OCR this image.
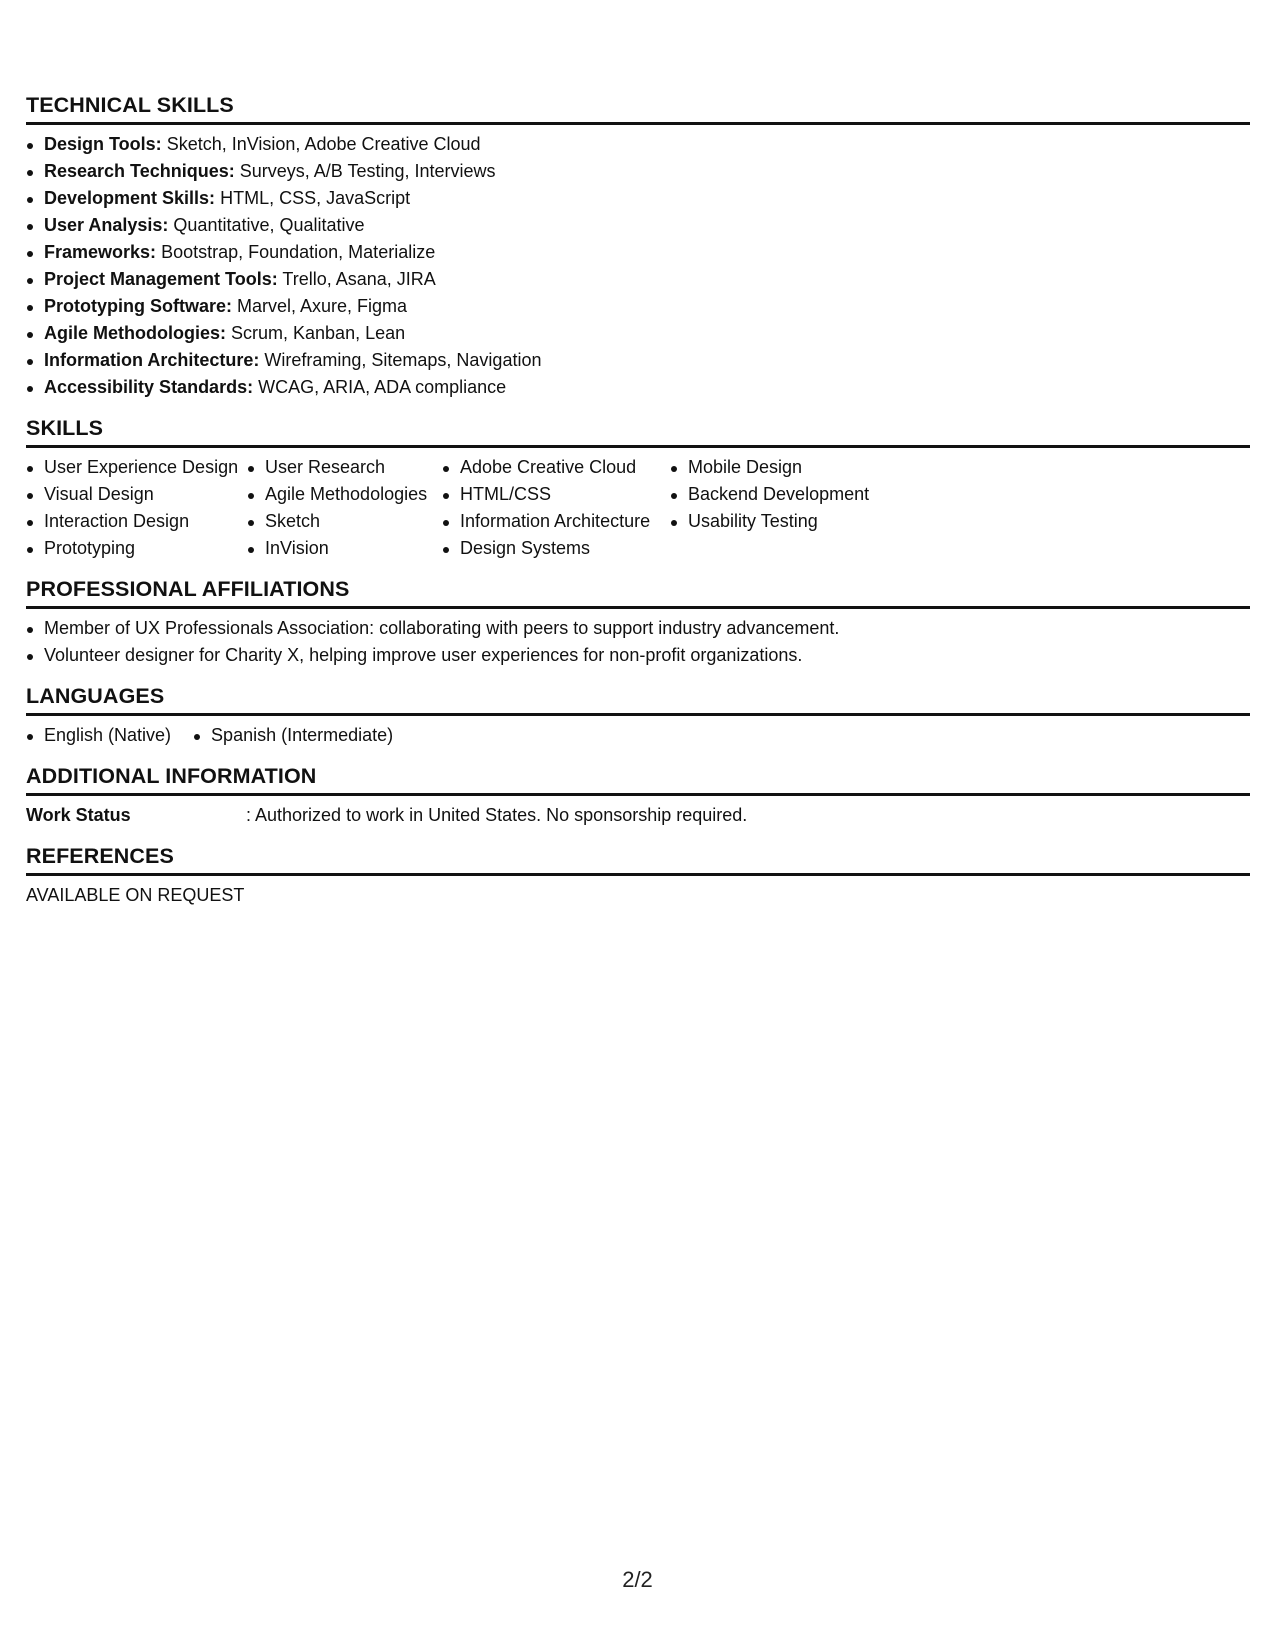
TECHNICAL SKILLS
Design Tools: Sketch, InVision, Adobe Creative Cloud
Research Techniques: Surveys, A/B Testing, Interviews
Development Skills: HTML, CSS, JavaScript
User Analysis: Quantitative, Qualitative
Frameworks: Bootstrap, Foundation, Materialize
Project Management Tools: Trello, Asana, JIRA
Prototyping Software: Marvel, Axure, Figma
Agile Methodologies: Scrum, Kanban, Lean
Information Architecture: Wireframing, Sitemaps, Navigation
Accessibility Standards: WCAG, ARIA, ADA compliance
SKILLS
User Experience Design
Visual Design
Interaction Design
Prototyping
User Research
Agile Methodologies
Sketch
InVision
Adobe Creative Cloud
HTML/CSS
Information Architecture
Design Systems
Mobile Design
Backend Development
Usability Testing
PROFESSIONAL AFFILIATIONS
Member of UX Professionals Association: collaborating with peers to support industry advancement.
Volunteer designer for Charity X, helping improve user experiences for non-profit organizations.
LANGUAGES
English (Native)	Spanish (Intermediate)
ADDITIONAL INFORMATION
Work Status	: Authorized to work in United States. No sponsorship required.
REFERENCES
AVAILABLE ON REQUEST
2/2
